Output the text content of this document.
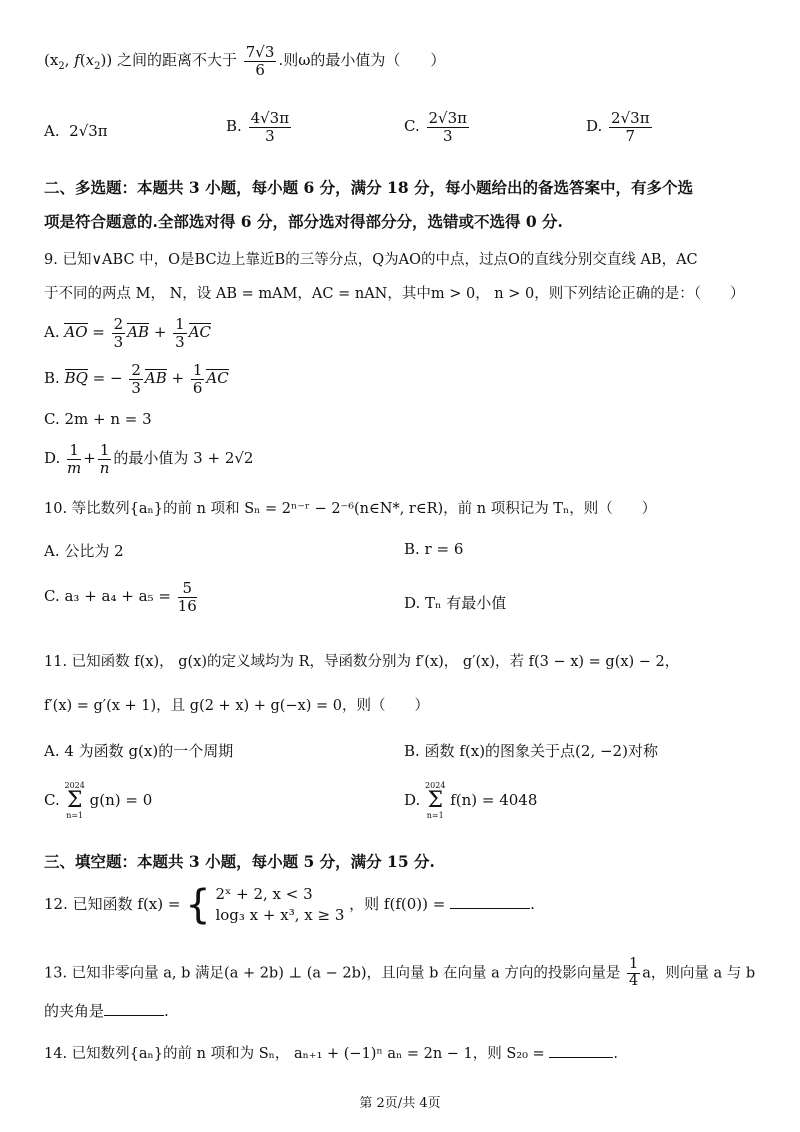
($x_2$, $f(x_2)$) 之间的距离不大于 $\frac{7√3}{6}$ .则ω的最小值为（　　）
A. 2√3π	B. $\frac{4√3\pi}{3}$	C. $\frac{2√3\pi}{3}$	D. $\frac{2√3\pi}{7}$
二、多选题：本题共 3 小题，每小题 6 分，满分 18 分，每小题给出的备选答案中，有多个选
项是符合题意的.全部选对得 6 分，部分选对得部分分，选错或不选得 0 分.
9. 已知∨ABC 中，O是BC边上靠近B的三等分点，Q为AO的中点，过点O的直线分别交直线 AB，AC
于不同的两点 M， N，设 AB = mAM，AC = nAN，其中m > 0， n > 0，则下列结论正确的是：（　　）
A. AO = $\frac{2}{3}$ AB + $\frac{1}{3}$ AC
B. BQ = − $\frac{2}{3}$ AB + $\frac{1}{6}$ AC
C. 2m + n = 3
D. $\frac{1}{m} + \frac{1}{n}$ 的最小值为 3 + 2√2
10. 等比数列{aₙ}的前 n 项和 Sₙ = 2ⁿ⁻ʳ − 2⁻⁶(n∈N*, r∈R)，前 n 项积记为 Tₙ，则（　　）
A. 公比为 2	B. r = 6
C. $a_3 + a_4 + a_5 = \frac{5}{16}$	D. Tₙ 有最小值
11. 已知函数 f(x)， g(x)的定义域均为 R，导函数分别为 f′(x)， g′(x)，若 f(3 − x) = g(x) − 2，
f′(x) = g′(x + 1)，且 g(2 + x) + g(−x) = 0，则（　　）
A. 4 为函数 g(x)的一个周期	B. 函数 f(x)的图象关于点(2, −2)对称
C.
2024
Σ
n=1
g(n) = 0	D.
2024
Σ
n=1
f(n) = 4048
三、填空题：本题共 3 小题，每小题 5 分，满分 15 分.
12. 已知函数 f(x) = { 2ˣ + 2, x < 3
log₃ x + x³, x ≥ 3
，则 f(f(0)) =	.
13. 已知非零向量 a, b 满足(a + 2b) ⊥ (a − 2b)，且向量 b 在向量 a 方向的投影向量是 $\frac{1}{4}$ a，则向量 a 与 b
的夹角是	.
14. 已知数列{aₙ}的前 n 项和为 Sₙ， aₙ₊₁ + (−1)ⁿ aₙ = 2n − 1，则 S₂₀ =	.
第 2页/共 4页
